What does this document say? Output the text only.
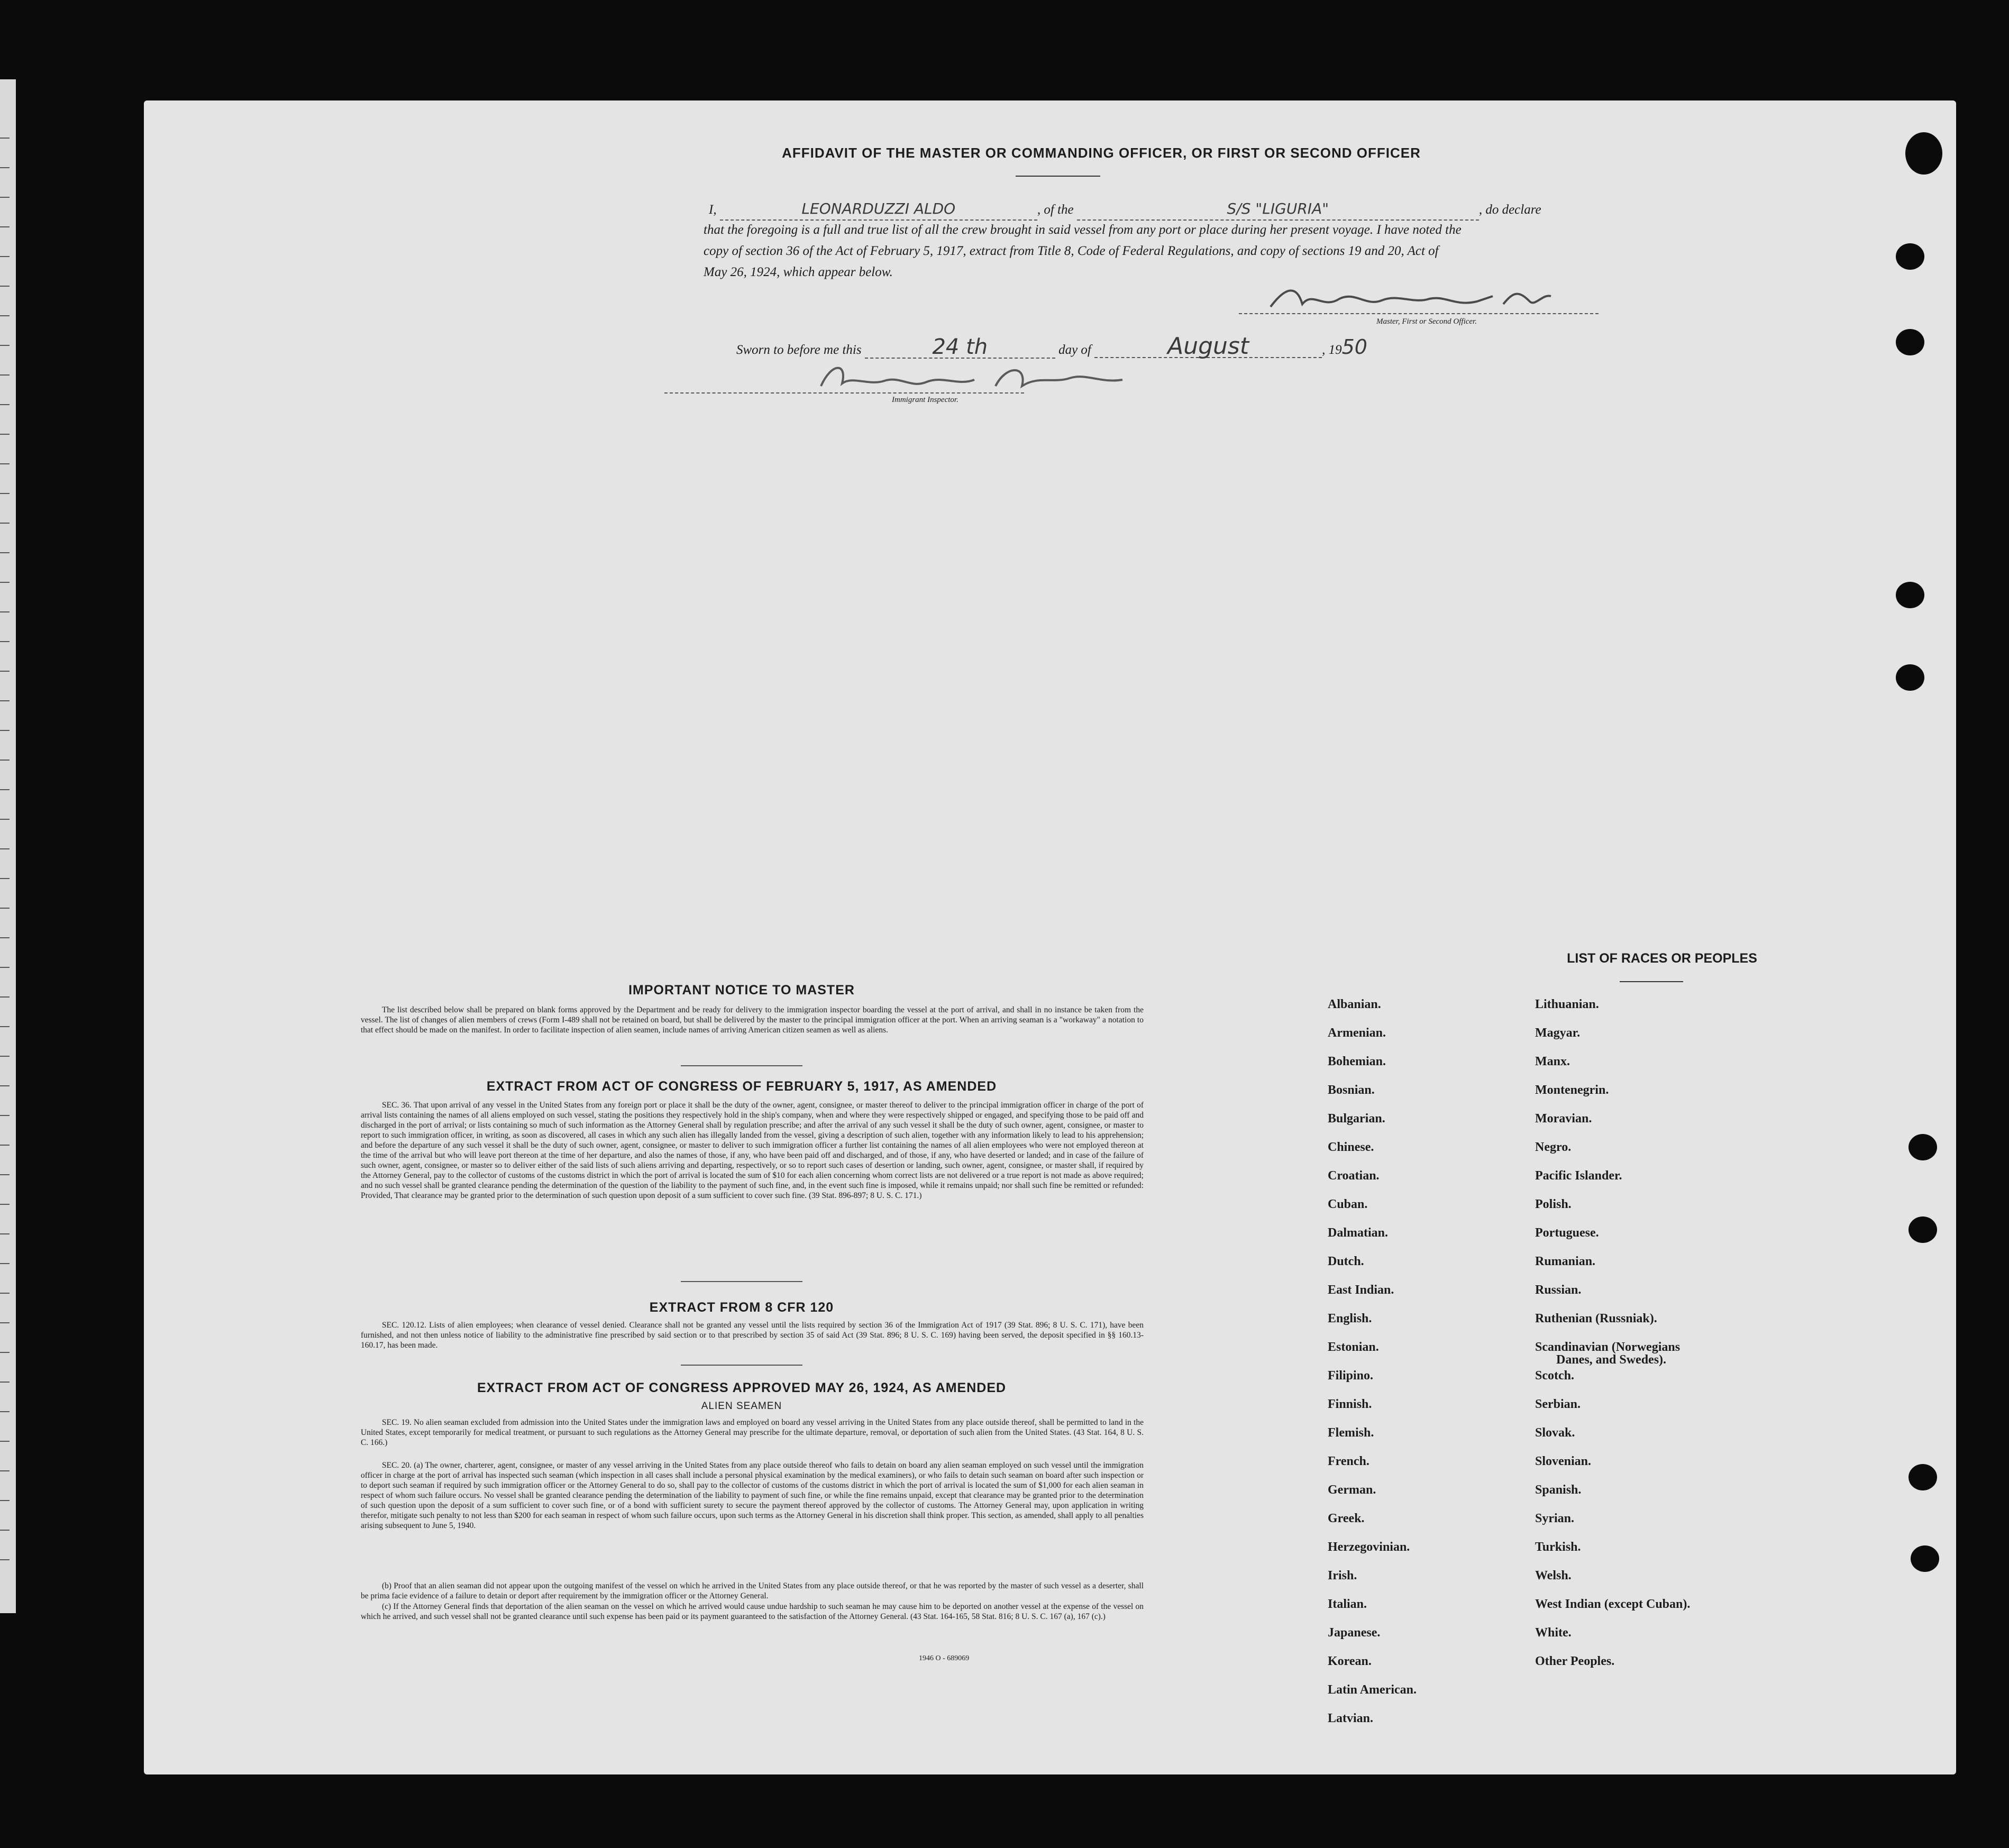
AFFIDAVIT OF THE MASTER OR COMMANDING OFFICER, OR FIRST OR SECOND OFFICER
I,	LEONARDUZZI ALDO	, of the	S/S "LIGURIA"	, do declare
that the foregoing is a full and true list of all the crew brought in said vessel from any port or place during her present voyage. I have noted the
copy of section 36 of the Act of February 5, 1917, extract from Title 8, Code of Federal Regulations, and copy of sections 19 and 20, Act of
May 26, 1924, which appear below.
Master, First or Second Officer.
Sworn to before me this	24 th	day of	August	, 1950
Immigrant Inspector.
IMPORTANT NOTICE TO MASTER
The list described below shall be prepared on blank forms approved by the Department and be ready for delivery to the immigration inspector boarding the vessel at the port of arrival, and shall in no instance be taken from the vessel. The list of changes of alien members of crews (Form I-489 shall not be retained on board, but shall be delivered by the master to the principal immigration officer at the port. When an arriving seaman is a "workaway" a notation to that effect should be made on the manifest. In order to facilitate inspection of alien seamen, include names of arriving American citizen seamen as well as aliens.
EXTRACT FROM ACT OF CONGRESS OF FEBRUARY 5, 1917, AS AMENDED
SEC. 36. That upon arrival of any vessel in the United States from any foreign port or place it shall be the duty of the owner, agent, consignee, or master thereof to deliver to the principal immigration officer in charge of the port of arrival lists containing the names of all aliens employed on such vessel, stating the positions they respectively hold in the ship's company, when and where they were respectively shipped or engaged, and specifying those to be paid off and discharged in the port of arrival; or lists containing so much of such information as the Attorney General shall by regulation prescribe; and after the arrival of any such vessel it shall be the duty of such owner, agent, consignee, or master to report to such immigration officer, in writing, as soon as discovered, all cases in which any such alien has illegally landed from the vessel, giving a description of such alien, together with any information likely to lead to his apprehension; and before the departure of any such vessel it shall be the duty of such owner, agent, consignee, or master to deliver to such immigration officer a further list containing the names of all alien employees who were not employed thereon at the time of the arrival but who will leave port thereon at the time of her departure, and also the names of those, if any, who have been paid off and discharged, and of those, if any, who have deserted or landed; and in case of the failure of such owner, agent, consignee, or master so to deliver either of the said lists of such aliens arriving and departing, respectively, or so to report such cases of desertion or landing, such owner, agent, consignee, or master shall, if required by the Attorney General, pay to the collector of customs of the customs district in which the port of arrival is located the sum of $10 for each alien concerning whom correct lists are not delivered or a true report is not made as above required; and no such vessel shall be granted clearance pending the determination of the question of the liability to the payment of such fine, and, in the event such fine is imposed, while it remains unpaid; nor shall such fine be remitted or refunded: Provided, That clearance may be granted prior to the determination of such question upon deposit of a sum sufficient to cover such fine. (39 Stat. 896-897; 8 U. S. C. 171.)
EXTRACT FROM 8 CFR 120
SEC. 120.12. Lists of alien employees; when clearance of vessel denied. Clearance shall not be granted any vessel until the lists required by section 36 of the Immigration Act of 1917 (39 Stat. 896; 8 U. S. C. 171), have been furnished, and not then unless notice of liability to the administrative fine prescribed by said section or to that prescribed by section 35 of said Act (39 Stat. 896; 8 U. S. C. 169) having been served, the deposit specified in §§ 160.13-160.17, has been made.
EXTRACT FROM ACT OF CONGRESS APPROVED MAY 26, 1924, AS AMENDED
ALIEN SEAMEN
SEC. 19. No alien seaman excluded from admission into the United States under the immigration laws and employed on board any vessel arriving in the United States from any place outside thereof, shall be permitted to land in the United States, except temporarily for medical treatment, or pursuant to such regulations as the Attorney General may prescribe for the ultimate departure, removal, or deportation of such alien from the United States. (43 Stat. 164, 8 U. S. C. 166.)
SEC. 20. (a) The owner, charterer, agent, consignee, or master of any vessel arriving in the United States from any place outside thereof who fails to detain on board any alien seaman employed on such vessel until the immigration officer in charge at the port of arrival has inspected such seaman (which inspection in all cases shall include a personal physical examination by the medical examiners), or who fails to detain such seaman on board after such inspection or to deport such seaman if required by such immigration officer or the Attorney General to do so, shall pay to the collector of customs of the customs district in which the port of arrival is located the sum of $1,000 for each alien seaman in respect of whom such failure occurs. No vessel shall be granted clearance pending the determination of the liability to payment of such fine, or while the fine remains unpaid, except that clearance may be granted prior to the determination of such question upon the deposit of a sum sufficient to cover such fine, or of a bond with sufficient surety to secure the payment thereof approved by the collector of customs. The Attorney General may, upon application in writing therefor, mitigate such penalty to not less than $200 for each seaman in respect of whom such failure occurs, upon such terms as the Attorney General in his discretion shall think proper. This section, as amended, shall apply to all penalties arising subsequent to June 5, 1940.
(b) Proof that an alien seaman did not appear upon the outgoing manifest of the vessel on which he arrived in the United States from any place outside thereof, or that he was reported by the master of such vessel as a deserter, shall be prima facie evidence of a failure to detain or deport after requirement by the immigration officer or the Attorney General.
(c) If the Attorney General finds that deportation of the alien seaman on the vessel on which he arrived would cause undue hardship to such seaman he may cause him to be deported on another vessel at the expense of the vessel on which he arrived, and such vessel shall not be granted clearance until such expense has been paid or its payment guaranteed to the satisfaction of the Attorney General. (43 Stat. 164-165, 58 Stat. 816; 8 U. S. C. 167 (a), 167 (c).)
1946 O - 689069
LIST OF RACES OR PEOPLES
Albanian.
Armenian.
Bohemian.
Bosnian.
Bulgarian.
Chinese.
Croatian.
Cuban.
Dalmatian.
Dutch.
East Indian.
English.
Estonian.
Filipino.
Finnish.
Flemish.
French.
German.
Greek.
Herzegovinian.
Irish.
Italian.
Japanese.
Korean.
Latin American.
Latvian.
Lithuanian.
Magyar.
Manx.
Montenegrin.
Moravian.
Negro.
Pacific Islander.
Polish.
Portuguese.
Rumanian.
Russian.
Ruthenian (Russniak).
Scandinavian (Norwegians
Danes, and Swedes).
Scotch.
Serbian.
Slovak.
Slovenian.
Spanish.
Syrian.
Turkish.
Welsh.
West Indian (except Cuban).
White.
Other Peoples.
